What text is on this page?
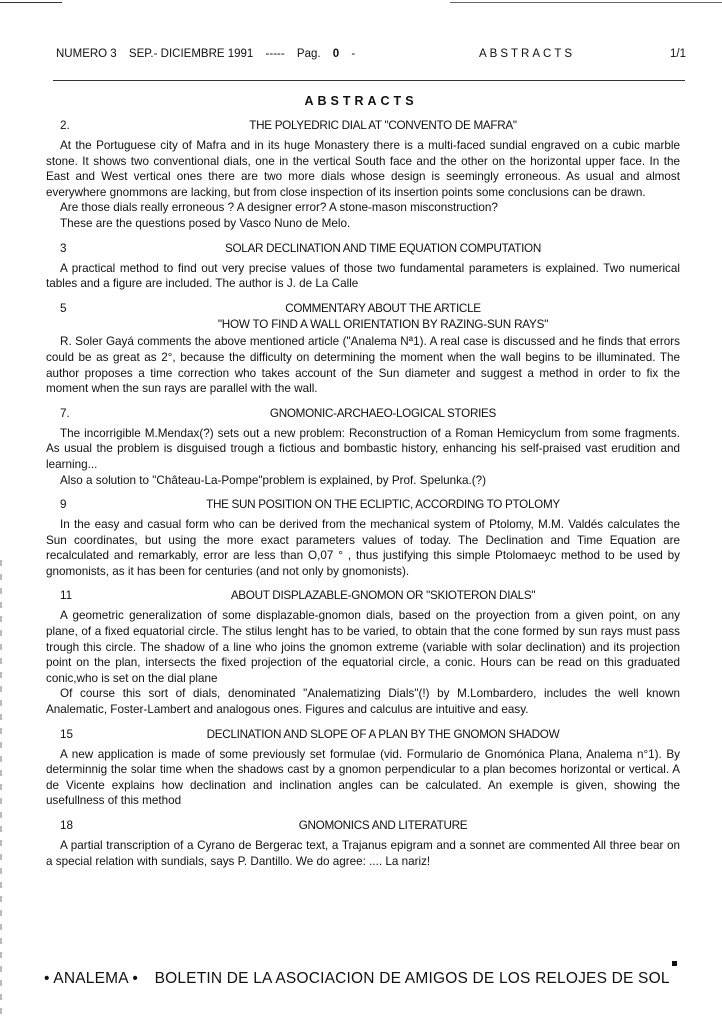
NUMERO 3 SEP.- DICIEMBRE 1991 ----- Pag. 0 -	ABSTRACTS	1/1
ABSTRACTS
2.	THE POLYEDRIC DIAL AT "CONVENTO DE MAFRA"

At the Portuguese city of Mafra and in its huge Monastery there is a multi-faced sundial engraved on a cubic marble stone. It shows two conventional dials, one in the vertical South face and the other on the horizontal upper face. In the East and West vertical ones there are two more dials whose design is seemingly erroneous. As usual and almost everywhere gnommons are lacking, but from close inspection of its insertion points some conclusions can be drawn.

Are those dials really erroneous ? A designer error? A stone-mason misconstruction?

These are the questions posed by Vasco Nuno de Melo.

3	SOLAR DECLINATION AND TIME EQUATION COMPUTATION

A practical method to find out very precise values of those two fundamental parameters is explained. Two numerical tables and a figure are included. The author is J. de La Calle

5	COMMENTARY ABOUT THE ARTICLE
"HOW TO FIND A WALL ORIENTATION BY RAZING-SUN RAYS"

R. Soler Gayá comments the above mentioned article ("Analema Nª1). A real case is discussed and he finds that errors could be as great as 2°, because the difficulty on determining the moment when the wall begins to be illuminated. The author proposes a time correction who takes account of the Sun diameter and suggest a method in order to fix the moment when the sun rays are parallel with the wall.

7.	GNOMONIC-ARCHAEO-LOGICAL STORIES

The incorrigible M.Mendax(?) sets out a new problem: Reconstruction of a Roman Hemicyclum from some fragments. As usual the problem is disguised trough a fictious and bombastic history, enhancing his self-praised vast erudition and learning...

Also a solution to "Château-La-Pompe"problem is explained, by Prof. Spelunka.(?)

9	THE SUN POSITION ON THE ECLIPTIC, ACCORDING TO PTOLOMY

In the easy and casual form who can be derived from the mechanical system of Ptolomy, M.M. Valdés calculates the Sun coordinates, but using the more exact parameters values of today. The Declination and Time Equation are recalculated and remarkably, error are less than O,07 ° , thus justifying this simple Ptolomaeyc method to be used by gnomonists, as it has been for centuries (and not only by gnomonists).

11	ABOUT DISPLAZABLE-GNOMON OR "SKIOTERON DIALS"

A geometric generalization of some displazable-gnomon dials, based on the proyection from a given point, on any plane, of a fixed equatorial circle. The stilus lenght has to be varied, to obtain that the cone formed by sun rays must pass trough this circle. The shadow of a line who joins the gnomon extreme (variable with solar declination) and its projection point on the plan, intersects the fixed projection of the equatorial circle, a conic. Hours can be read on this graduated conic,who is set on the dial plane

Of course this sort of dials, denominated "Analematizing Dials"(!) by M.Lombardero, includes the well known Analematic, Foster-Lambert and analogous ones. Figures and calculus are intuitive and easy.

15	DECLINATION AND SLOPE OF A PLAN BY THE GNOMON SHADOW

A new application is made of some previously set formulae (vid. Formulario de Gnomónica Plana, Analema n°1). By determinnig the solar time when the shadows cast by a gnomon perpendicular to a plan becomes horizontal or vertical. A de Vicente explains how declination and inclination angles can be calculated. An exemple is given, showing the usefullness of this method

18	GNOMONICS AND LITERATURE

A partial transcription of a Cyrano de Bergerac text, a Trajanus epigram and a sonnet are commented All three bear on a special relation with sundials, says P. Dantillo. We do agree: .... La nariz!

• ANALEMA • BOLETIN DE LA ASOCIACION DE AMIGOS DE LOS RELOJES DE SOL
